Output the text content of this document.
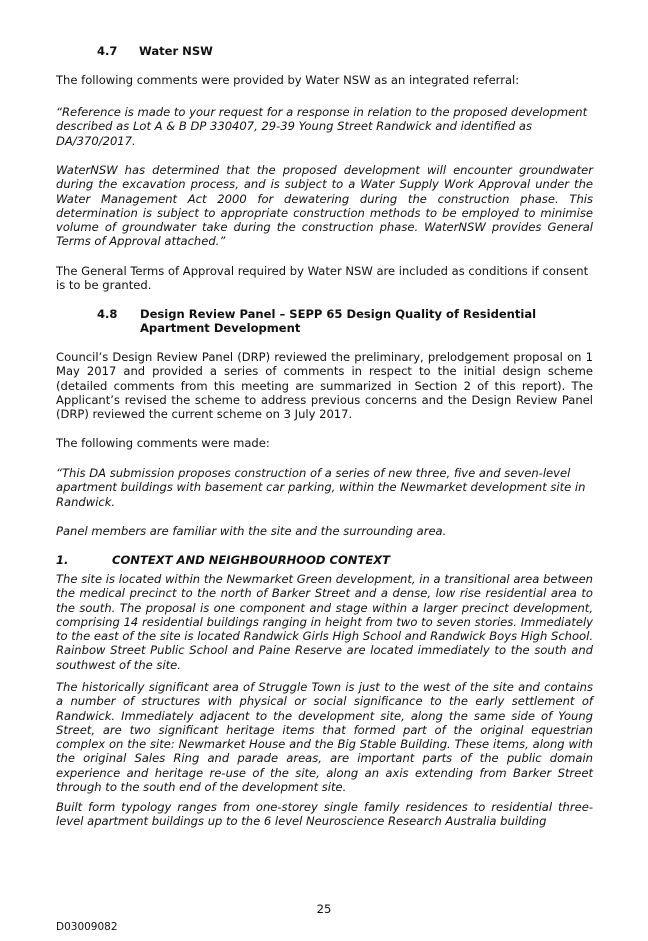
4.7 Water NSW

The following comments were provided by Water NSW as an integrated referral:

“Reference is made to your request for a response in relation to the proposed development described as Lot A & B DP 330407, 29-39 Young Street Randwick and identified as DA/370/2017.

WaterNSW has determined that the proposed development will encounter groundwater during the excavation process, and is subject to a Water Supply Work Approval under the Water Management Act 2000 for dewatering during the construction phase. This determination is subject to appropriate construction methods to be employed to minimise volume of groundwater take during the construction phase. WaterNSW provides General Terms of Approval attached.”

The General Terms of Approval required by Water NSW are included as conditions if consent is to be granted.

4.8	Design Review Panel – SEPP 65 Design Quality of Residential Apartment Development

Council’s Design Review Panel (DRP) reviewed the preliminary, prelodgement proposal on 1 May 2017 and provided a series of comments in respect to the initial design scheme (detailed comments from this meeting are summarized in Section 2 of this report). The Applicant’s revised the scheme to address previous concerns and the Design Review Panel (DRP) reviewed the current scheme on 3 July 2017.

The following comments were made:

“This DA submission proposes construction of a series of new three, five and seven-level apartment buildings with basement car parking, within the Newmarket development site in Randwick.

Panel members are familiar with the site and the surrounding area.

1.	CONTEXT AND NEIGHBOURHOOD CONTEXT

The site is located within the Newmarket Green development, in a transitional area between the medical precinct to the north of Barker Street and a dense, low rise residential area to the south. The proposal is one component and stage within a larger precinct development, comprising 14 residential buildings ranging in height from two to seven stories. Immediately to the east of the site is located Randwick Girls High School and Randwick Boys High School. Rainbow Street Public School and Paine Reserve are located immediately to the south and southwest of the site.

The historically significant area of Struggle Town is just to the west of the site and contains a number of structures with physical or social significance to the early settlement of Randwick. Immediately adjacent to the development site, along the same side of Young Street, are two significant heritage items that formed part of the original equestrian complex on the site: Newmarket House and the Big Stable Building. These items, along with the original Sales Ring and parade areas, are important parts of the public domain experience and heritage re-use of the site, along an axis extending from Barker Street through to the south end of the development site.

Built form typology ranges from one-storey single family residences to residential three-level apartment buildings up to the 6 level Neuroscience Research Australia building

25
D03009082
